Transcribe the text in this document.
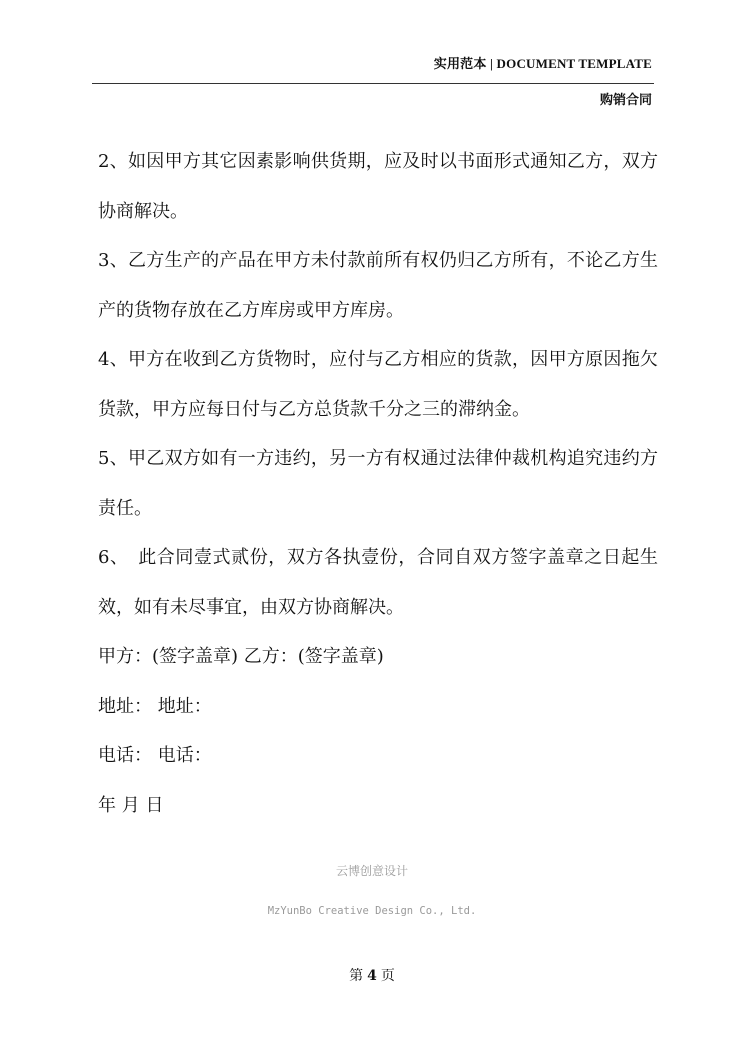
实用范本 | DOCUMENT TEMPLATE
购销合同

2、如因甲方其它因素影响供货期，应及时以书面形式通知乙方，双方协商解决。

3、乙方生产的产品在甲方未付款前所有权仍归乙方所有，不论乙方生产的货物存放在乙方库房或甲方库房。

4、甲方在收到乙方货物时，应付与乙方相应的货款，因甲方原因拖欠货款，甲方应每日付与乙方总货款千分之三的滞纳金。

5、甲乙双方如有一方违约，另一方有权通过法律仲裁机构追究违约方责任。

6、　此合同壹式贰份，双方各执壹份，合同自双方签字盖章之日起生效，如有未尽事宜，由双方协商解决。

甲方：(签字盖章) 乙方：(签字盖章)

地址： 地址：

电话： 电话：

年 月 日

云博创意设计
MzYunBo Creative Design Co., Ltd.
第 4 页
